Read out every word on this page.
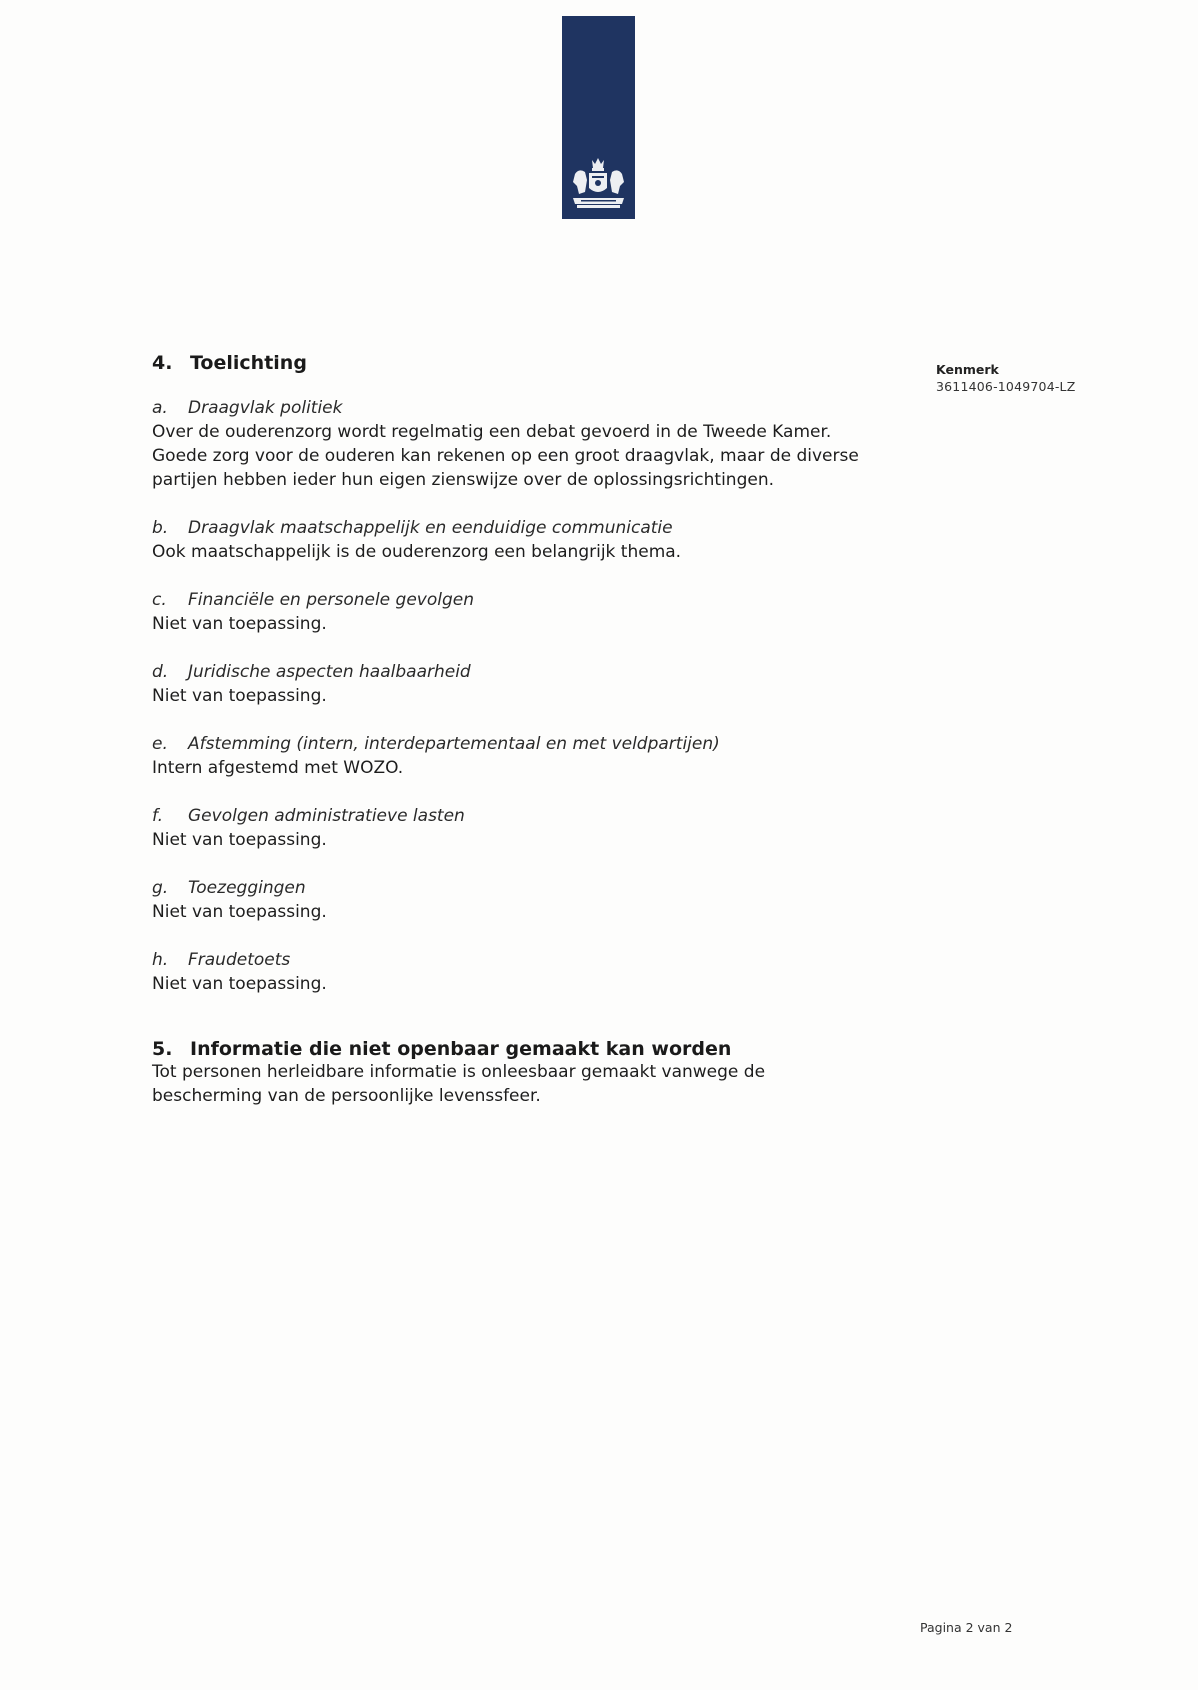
Kenmerk
3611406-1049704-LZ
4. Toelichting

a. Draagvlak politiek

Over de ouderenzorg wordt regelmatig een debat gevoerd in de Tweede Kamer.

Goede zorg voor de ouderen kan rekenen op een groot draagvlak, maar de diverse

partijen hebben ieder hun eigen zienswijze over de oplossingsrichtingen.

b. Draagvlak maatschappelijk en eenduidige communicatie

Ook maatschappelijk is de ouderenzorg een belangrijk thema.

c. Financiële en personele gevolgen

Niet van toepassing.

d. Juridische aspecten haalbaarheid

Niet van toepassing.

e. Afstemming (intern, interdepartementaal en met veldpartijen)

Intern afgestemd met WOZO.

f. Gevolgen administratieve lasten

Niet van toepassing.

g. Toezeggingen

Niet van toepassing.

h. Fraudetoets

Niet van toepassing.

5. Informatie die niet openbaar gemaakt kan worden

Tot personen herleidbare informatie is onleesbaar gemaakt vanwege de

bescherming van de persoonlijke levenssfeer.

Pagina 2 van 2
